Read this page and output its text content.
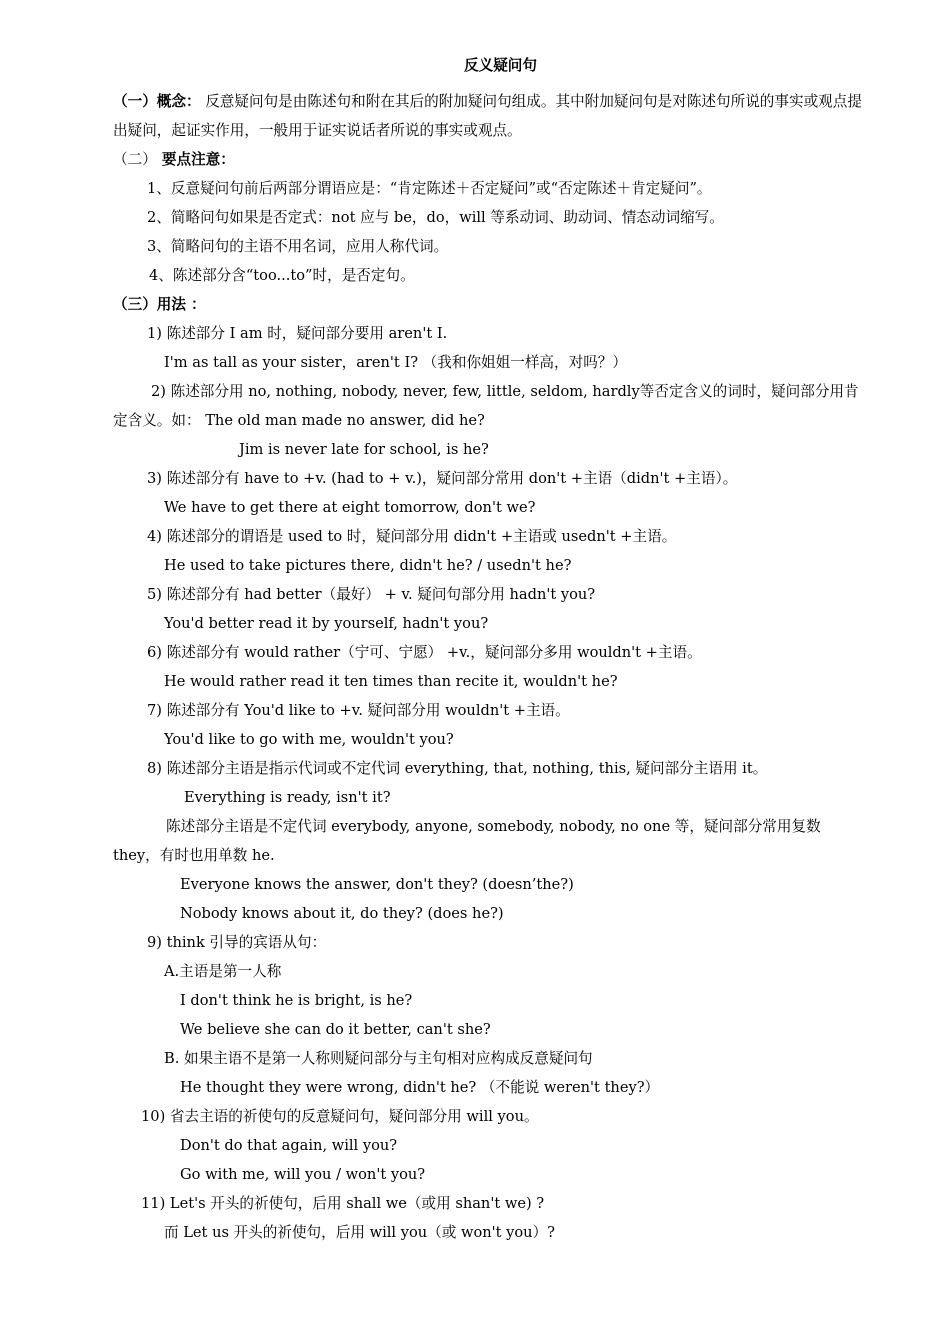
反义疑问句

（一）概念： 反意疑问句是由陈述句和附在其后的附加疑问句组成。其中附加疑问句是对陈述句所说的事实或观点提出疑问，起证实作用，一般用于证实说话者所说的事实或观点。

（二） 要点注意：

1、反意疑问句前后两部分谓语应是：“肯定陈述＋否定疑问”或“否定陈述＋肯定疑问”。

2、简略问句如果是否定式：not 应与 be，do，will 等系动词、助动词、情态动词缩写。

3、简略问句的主语不用名词，应用人称代词。

4、陈述部分含“too...to”时，是否定句。

（三）用法 ：

1) 陈述部分 I am 时，疑问部分要用 aren't I.

I'm as tall as your sister，aren't I? （我和你姐姐一样高，对吗？）

2) 陈述部分用 no, nothing, nobody, never, few, little, seldom, hardly等否定含义的词时，疑问部分用肯定含义。如： The old man made no answer, did he?

Jim is never late for school, is he?

3) 陈述部分有 have to +v. (had to + v.)，疑问部分常用 don't +主语（didn't +主语）。

We have to get there at eight tomorrow, don't we?

4) 陈述部分的谓语是 used to 时，疑问部分用 didn't +主语或 usedn't +主语。

He used to take pictures there, didn't he? / usedn't he?

5) 陈述部分有 had better（最好） + v. 疑问句部分用 hadn't you?

You'd better read it by yourself, hadn't you?

6) 陈述部分有 would rather（宁可、宁愿） +v.，疑问部分多用 wouldn't +主语。

He would rather read it ten times than recite it, wouldn't he?

7) 陈述部分有 You'd like to +v. 疑问部分用 wouldn't +主语。

You'd like to go with me, wouldn't you?

8) 陈述部分主语是指示代词或不定代词 everything, that, nothing, this, 疑问部分主语用 it。

Everything is ready, isn't it?

陈述部分主语是不定代词 everybody, anyone, somebody, nobody, no one 等，疑问部分常用复数 they，有时也用单数 he.

Everyone knows the answer, don't they? (doesn’the?)

Nobody knows about it, do they? (does he?)

9) think 引导的宾语从句：

A.主语是第一人称

I don't think he is bright, is he?

We believe she can do it better, can't she?

B. 如果主语不是第一人称则疑问部分与主句相对应构成反意疑问句

He thought they were wrong, didn't he? （不能说 weren't they?）

10) 省去主语的祈使句的反意疑问句，疑问部分用 will you。

Don't do that again, will you?

Go with me, will you / won't you?

11) Let's 开头的祈使句，后用 shall we（或用 shan't we) ?

而 Let us 开头的祈使句，后用 will you（或 won't you）?
